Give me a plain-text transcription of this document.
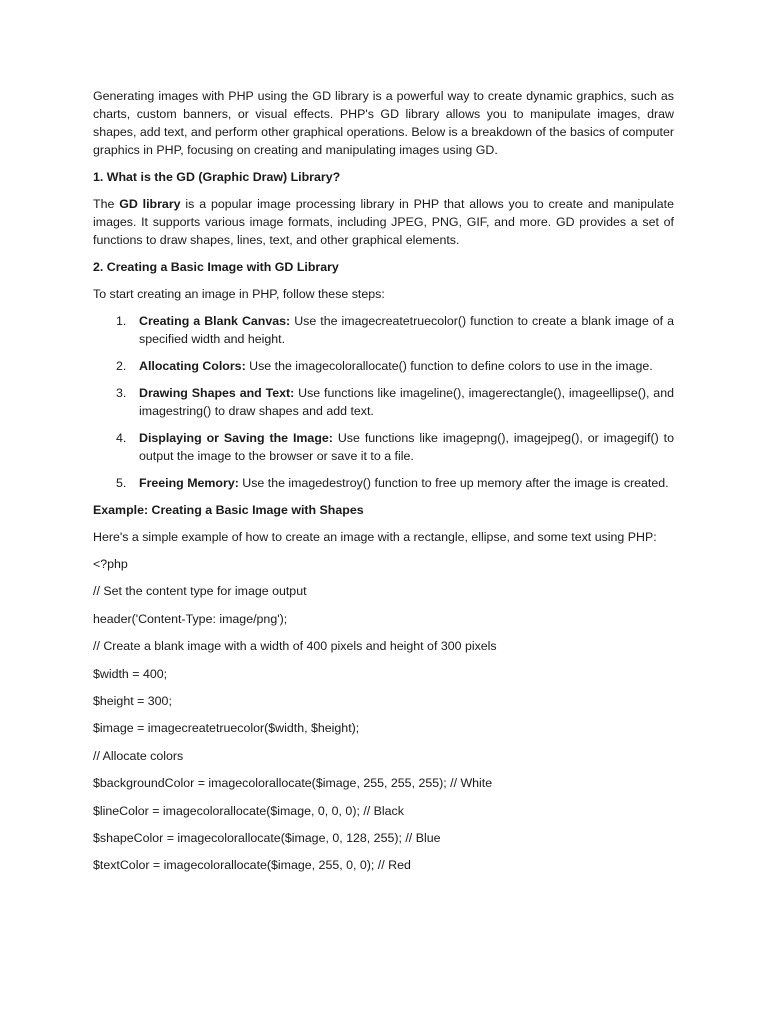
Generating images with PHP using the GD library is a powerful way to create dynamic graphics, such as charts, custom banners, or visual effects. PHP's GD library allows you to manipulate images, draw shapes, add text, and perform other graphical operations. Below is a breakdown of the basics of computer graphics in PHP, focusing on creating and manipulating images using GD.

1. What is the GD (Graphic Draw) Library?

The GD library is a popular image processing library in PHP that allows you to create and manipulate images. It supports various image formats, including JPEG, PNG, GIF, and more. GD provides a set of functions to draw shapes, lines, text, and other graphical elements.

2. Creating a Basic Image with GD Library

To start creating an image in PHP, follow these steps:

1. Creating a Blank Canvas: Use the imagecreatetruecolor() function to create a blank image of a specified width and height.
2. Allocating Colors: Use the imagecolorallocate() function to define colors to use in the image.
3. Drawing Shapes and Text: Use functions like imageline(), imagerectangle(), imageellipse(), and imagestring() to draw shapes and add text.
4. Displaying or Saving the Image: Use functions like imagepng(), imagejpeg(), or imagegif() to output the image to the browser or save it to a file.
5. Freeing Memory: Use the imagedestroy() function to free up memory after the image is created.

Example: Creating a Basic Image with Shapes

Here's a simple example of how to create an image with a rectangle, ellipse, and some text using PHP:

<?php

// Set the content type for image output

header('Content-Type: image/png');

// Create a blank image with a width of 400 pixels and height of 300 pixels

$width = 400;

$height = 300;

$image = imagecreatetruecolor($width, $height);

// Allocate colors

$backgroundColor = imagecolorallocate($image, 255, 255, 255); // White

$lineColor = imagecolorallocate($image, 0, 0, 0); // Black

$shapeColor = imagecolorallocate($image, 0, 128, 255); // Blue

$textColor = imagecolorallocate($image, 255, 0, 0); // Red
